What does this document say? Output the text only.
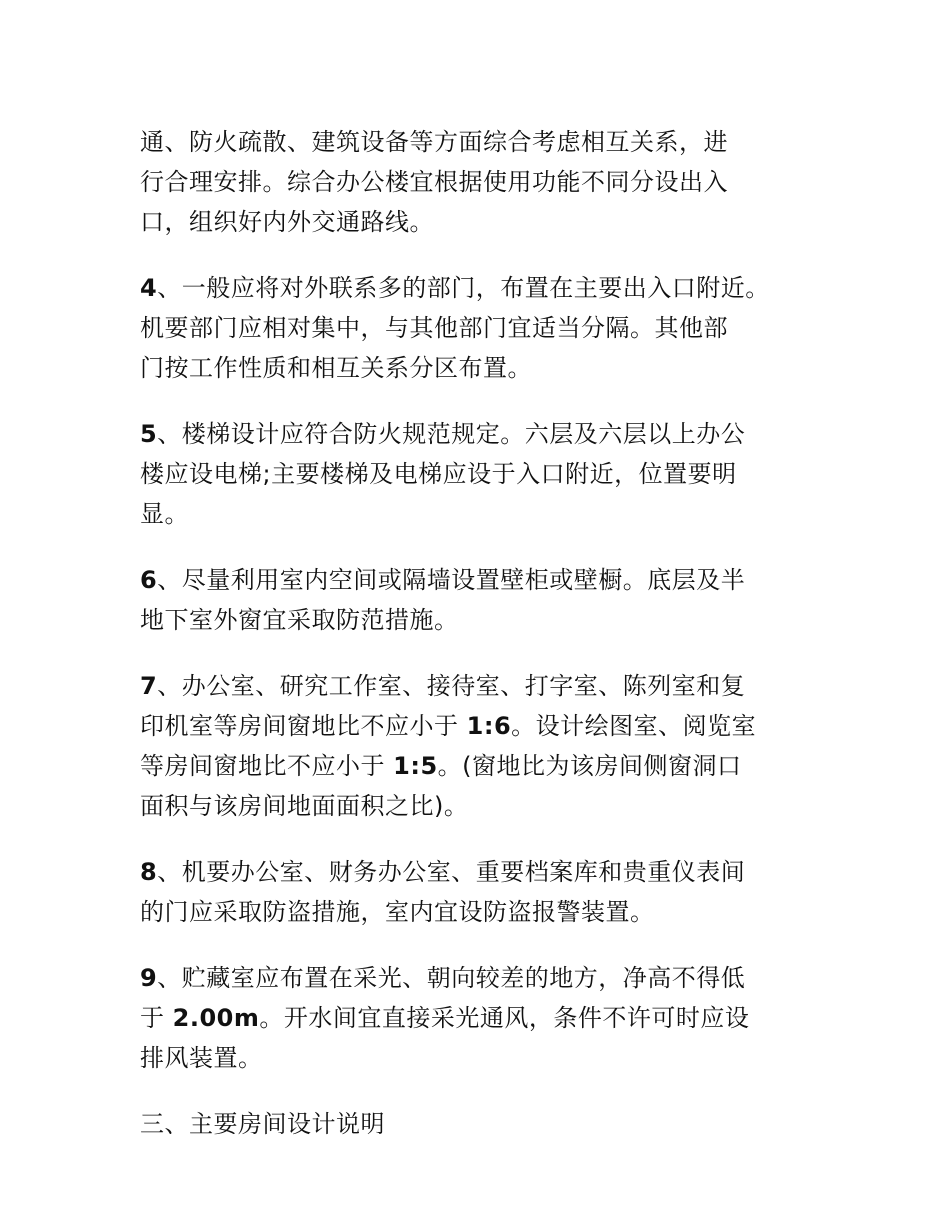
通、防火疏散、建筑设备等方面综合考虑相互关系，进
行合理安排。综合办公楼宜根据使用功能不同分设出入
口，组织好内外交通路线。
4、一般应将对外联系多的部门，布置在主要出入口附近。
机要部门应相对集中，与其他部门宜适当分隔。其他部
门按工作性质和相互关系分区布置。
5、楼梯设计应符合防火规范规定。六层及六层以上办公
楼应设电梯;主要楼梯及电梯应设于入口附近，位置要明
显。
6、尽量利用室内空间或隔墙设置壁柜或壁橱。底层及半
地下室外窗宜采取防范措施。
7、办公室、研究工作室、接待室、打字室、陈列室和复
印机室等房间窗地比不应小于 1:6。设计绘图室、阅览室
等房间窗地比不应小于 1:5。(窗地比为该房间侧窗洞口
面积与该房间地面面积之比)。
8、机要办公室、财务办公室、重要档案库和贵重仪表间
的门应采取防盗措施，室内宜设防盗报警装置。
9、贮藏室应布置在采光、朝向较差的地方，净高不得低
于 2.00m。开水间宜直接采光通风，条件不许可时应设
排风装置。
三、主要房间设计说明
